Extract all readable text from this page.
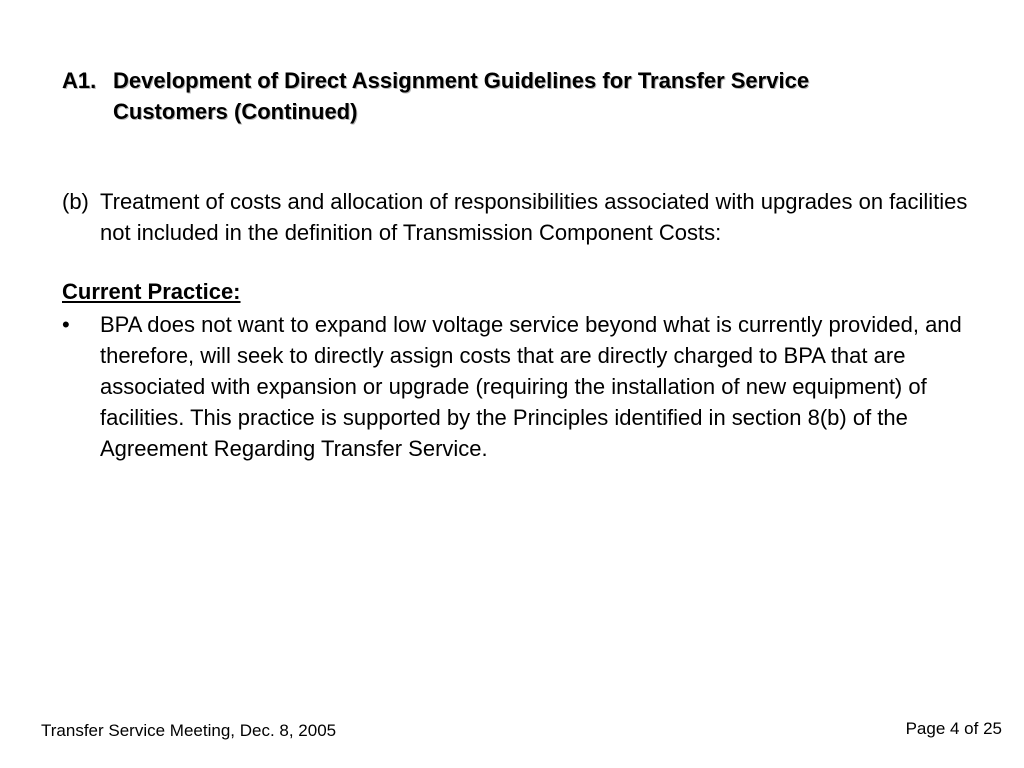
A1. Development of Direct Assignment Guidelines for Transfer Service
Customers (Continued)

(b) Treatment of costs and allocation of responsibilities associated with upgrades on facilities not included in the definition of Transmission Component Costs:

Current Practice:

• BPA does not want to expand low voltage service beyond what is currently provided, and therefore, will seek to directly assign costs that are directly charged to BPA that are associated with expansion or upgrade (requiring the installation of new equipment) of facilities. This practice is supported by the Principles identified in section 8(b) of the Agreement Regarding Transfer Service.
Transfer Service Meeting, Dec. 8, 2005	Page 4 of 25
